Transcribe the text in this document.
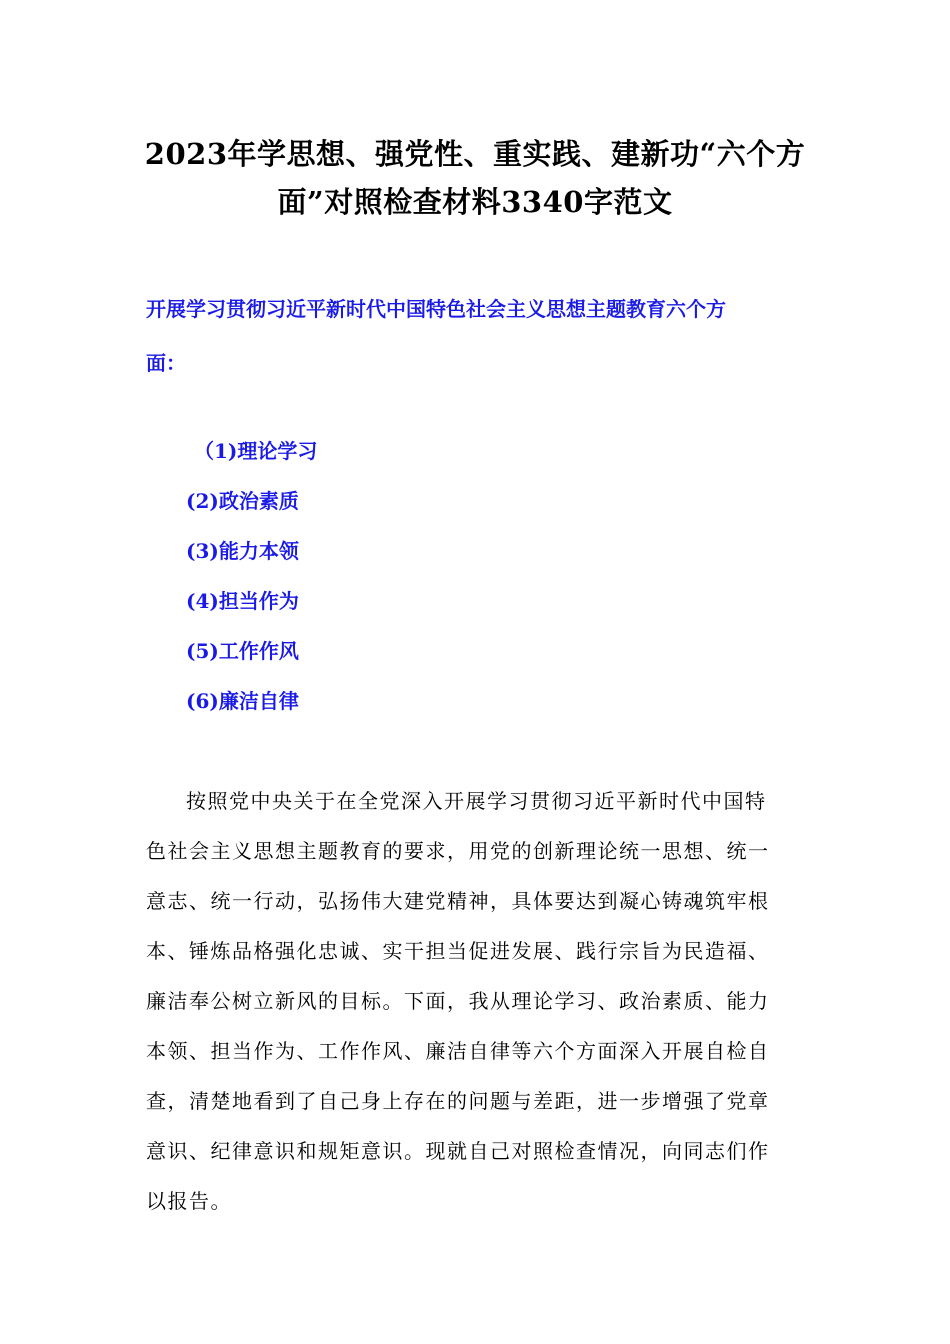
2023年学思想、强党性、重实践、建新功“六个方
面”对照检查材料3340字范文
开展学习贯彻习近平新时代中国特色社会主义思想主题教育六个方
面：
（1)理论学习
(2)政治素质
(3)能力本领
(4)担当作为
(5)工作作风
(6)廉洁自律
按照党中央关于在全党深入开展学习贯彻习近平新时代中国特
色社会主义思想主题教育的要求，用党的创新理论统一思想、统一
意志、统一行动，弘扬伟大建党精神，具体要达到凝心铸魂筑牢根
本、锤炼品格强化忠诚、实干担当促进发展、践行宗旨为民造福、
廉洁奉公树立新风的目标。下面，我从理论学习、政治素质、能力
本领、担当作为、工作作风、廉洁自律等六个方面深入开展自检自
查，清楚地看到了自己身上存在的问题与差距，进一步增强了党章
意识、纪律意识和规矩意识。现就自己对照检查情况，向同志们作
以报告。
